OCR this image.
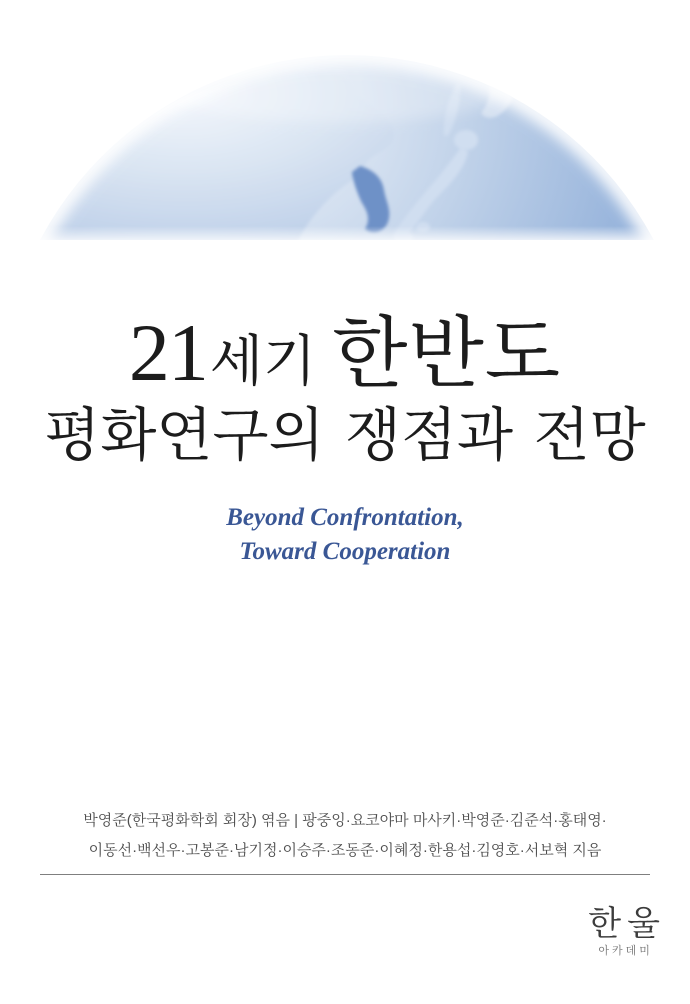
21 세기 한반도
평화연구의 쟁점과 전망
Beyond Confrontation,
Toward Cooperation
박영준(한국평화학회 회장) 엮음 | 팡중잉·요코야마 마사키·박영준·김준석·홍태영·
이동선·백선우·고봉준·남기정·이승주·조동준·이혜정·한용섭·김영호·서보혁 지음
한울
아카데미
